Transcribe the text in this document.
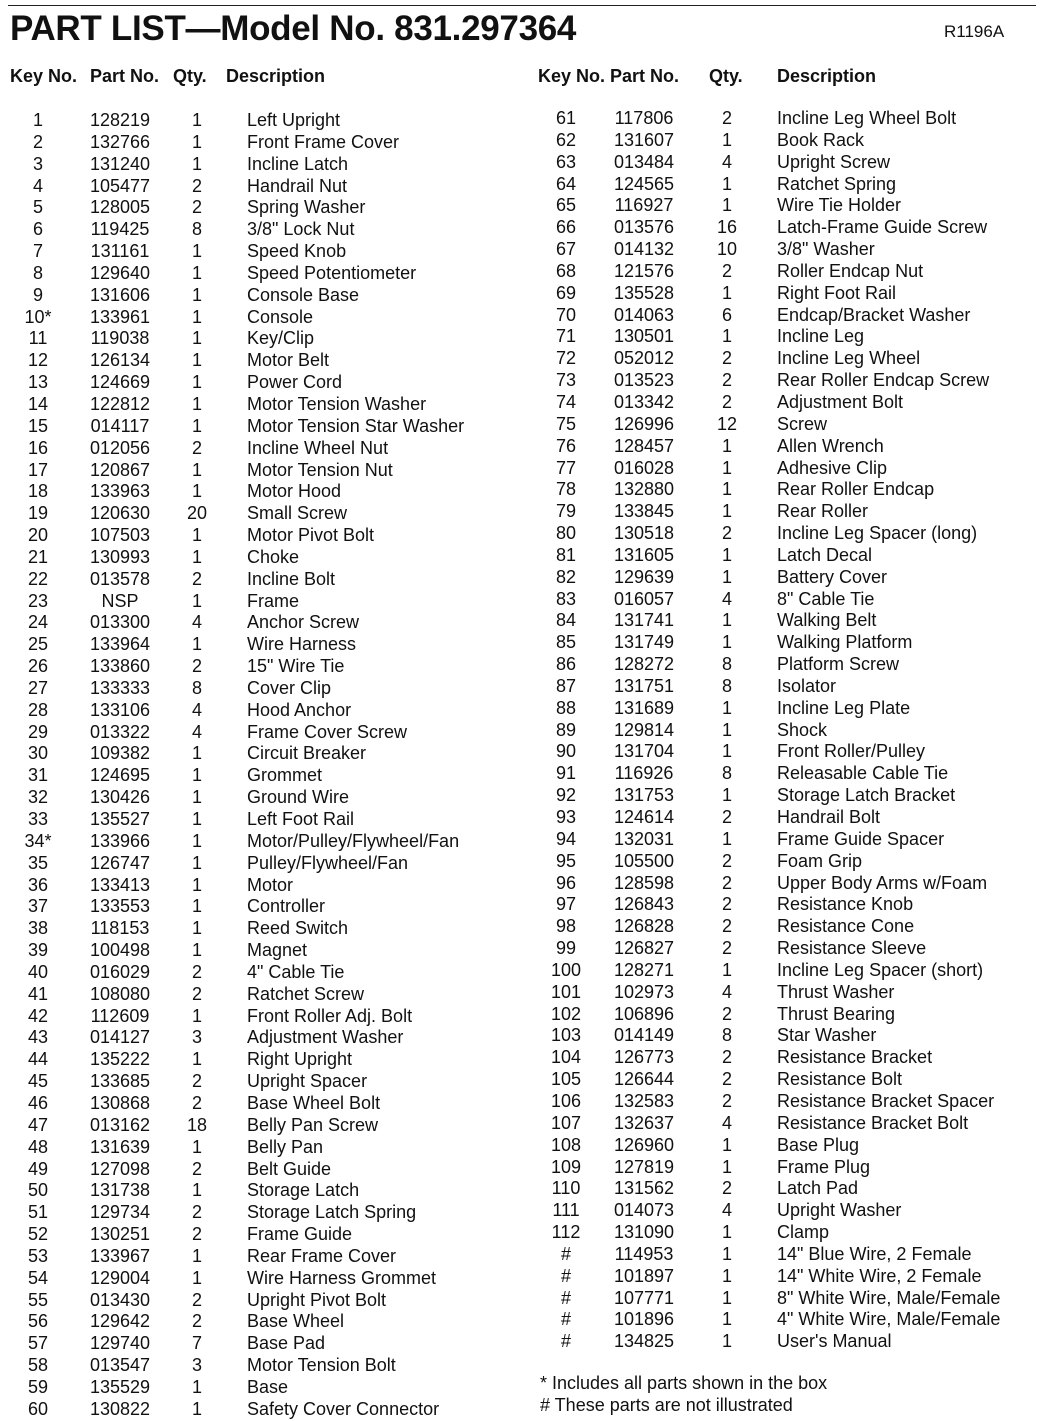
PART LIST—Model No. 831.297364	R1196A
Key No. Part No. Qty. Description
1	128219	1	Left Upright
2	132766	1	Front Frame Cover
3	131240	1	Incline Latch
4	105477	2	Handrail Nut
5	128005	2	Spring Washer
6	119425	8	3/8" Lock Nut
7	131161	1	Speed Knob
8	129640	1	Speed Potentiometer
9	131606	1	Console Base
10*	133961	1	Console
11	119038	1	Key/Clip
12	126134	1	Motor Belt
13	124669	1	Power Cord
14	122812	1	Motor Tension Washer
15	014117	1	Motor Tension Star Washer
16	012056	2	Incline Wheel Nut
17	120867	1	Motor Tension Nut
18	133963	1	Motor Hood
19	120630	20 Small Screw
20	107503	1	Motor Pivot Bolt
21	130993	1	Choke
22	013578	2	Incline Bolt
23	NSP	1	Frame
24	013300	4	Anchor Screw
25	133964	1	Wire Harness
26	133860	2	15" Wire Tie
27	133333	8	Cover Clip
28	133106	4	Hood Anchor
29	013322	4	Frame Cover Screw
30	109382	1	Circuit Breaker
31	124695	1	Grommet
32	130426	1	Ground Wire
33	135527	1	Left Foot Rail
34*	133966	1	Motor/Pulley/Flywheel/Fan
35	126747	1	Pulley/Flywheel/Fan
36	133413	1	Motor
37	133553	1	Controller
38	118153	1	Reed Switch
39	100498	1	Magnet
40	016029	2	4" Cable Tie
41	108080	2	Ratchet Screw
42	112609	1	Front Roller Adj. Bolt
43	014127	3	Adjustment Washer
44	135222	1	Right Upright
45	133685	2	Upright Spacer
46	130868	2	Base Wheel Bolt
47	013162	18 Belly Pan Screw
48	131639	1	Belly Pan
49	127098	2	Belt Guide
50	131738	1	Storage Latch
51	129734	2	Storage Latch Spring
52	130251	2	Frame Guide
53	133967	1	Rear Frame Cover
54	129004	1	Wire Harness Grommet
55	013430	2	Upright Pivot Bolt
56	129642	2	Base Wheel
57	129740	7	Base Pad
58	013547	3	Motor Tension Bolt
59	135529	1	Base
60	130822	1	Safety Cover Connector
Key No. Part No. Qty. Description
61	117806	2	Incline Leg Wheel Bolt
62	131607	1	Book Rack
63	013484	4	Upright Screw
64	124565	1	Ratchet Spring
65	116927	1	Wire Tie Holder
66	013576	16 Latch-Frame Guide Screw
67	014132	10 3/8" Washer
68	121576	2	Roller Endcap Nut
69	135528	1	Right Foot Rail
70	014063	6	Endcap/Bracket Washer
71	130501	1	Incline Leg
72	052012	2	Incline Leg Wheel
73	013523	2	Rear Roller Endcap Screw
74	013342	2	Adjustment Bolt
75	126996	12 Screw
76	128457	1	Allen Wrench
77	016028	1	Adhesive Clip
78	132880	1	Rear Roller Endcap
79	133845	1	Rear Roller
80	130518	2	Incline Leg Spacer (long)
81	131605	1	Latch Decal
82	129639	1	Battery Cover
83	016057	4	8" Cable Tie
84	131741	1	Walking Belt
85	131749	1	Walking Platform
86	128272	8	Platform Screw
87	131751	8	Isolator
88	131689	1	Incline Leg Plate
89	129814	1	Shock
90	131704	1	Front Roller/Pulley
91	116926	8	Releasable Cable Tie
92	131753	1	Storage Latch Bracket
93	124614	2	Handrail Bolt
94	132031	1	Frame Guide Spacer
95	105500	2	Foam Grip
96	128598	2	Upper Body Arms w/Foam
97	126843	2	Resistance Knob
98	126828	2	Resistance Cone
99	126827	2	Resistance Sleeve
100	128271	1	Incline Leg Spacer (short)
101	102973	4	Thrust Washer
102	106896	2	Thrust Bearing
103	014149	8	Star Washer
104	126773	2	Resistance Bracket
105	126644	2	Resistance Bolt
106	132583	2	Resistance Bracket Spacer
107	132637	4	Resistance Bracket Bolt
108	126960	1	Base Plug
109	127819	1	Frame Plug
110	131562	2	Latch Pad
111	014073	4	Upright Washer
112	131090	1	Clamp
#	114953	1	14" Blue Wire, 2 Female
#	101897	1	14" White Wire, 2 Female
#	107771	1	8" White Wire, Male/Female
#	101896	1	4" White Wire, Male/Female
#	134825	1	User's Manual
* Includes all parts shown in the box
# These parts are not illustrated
